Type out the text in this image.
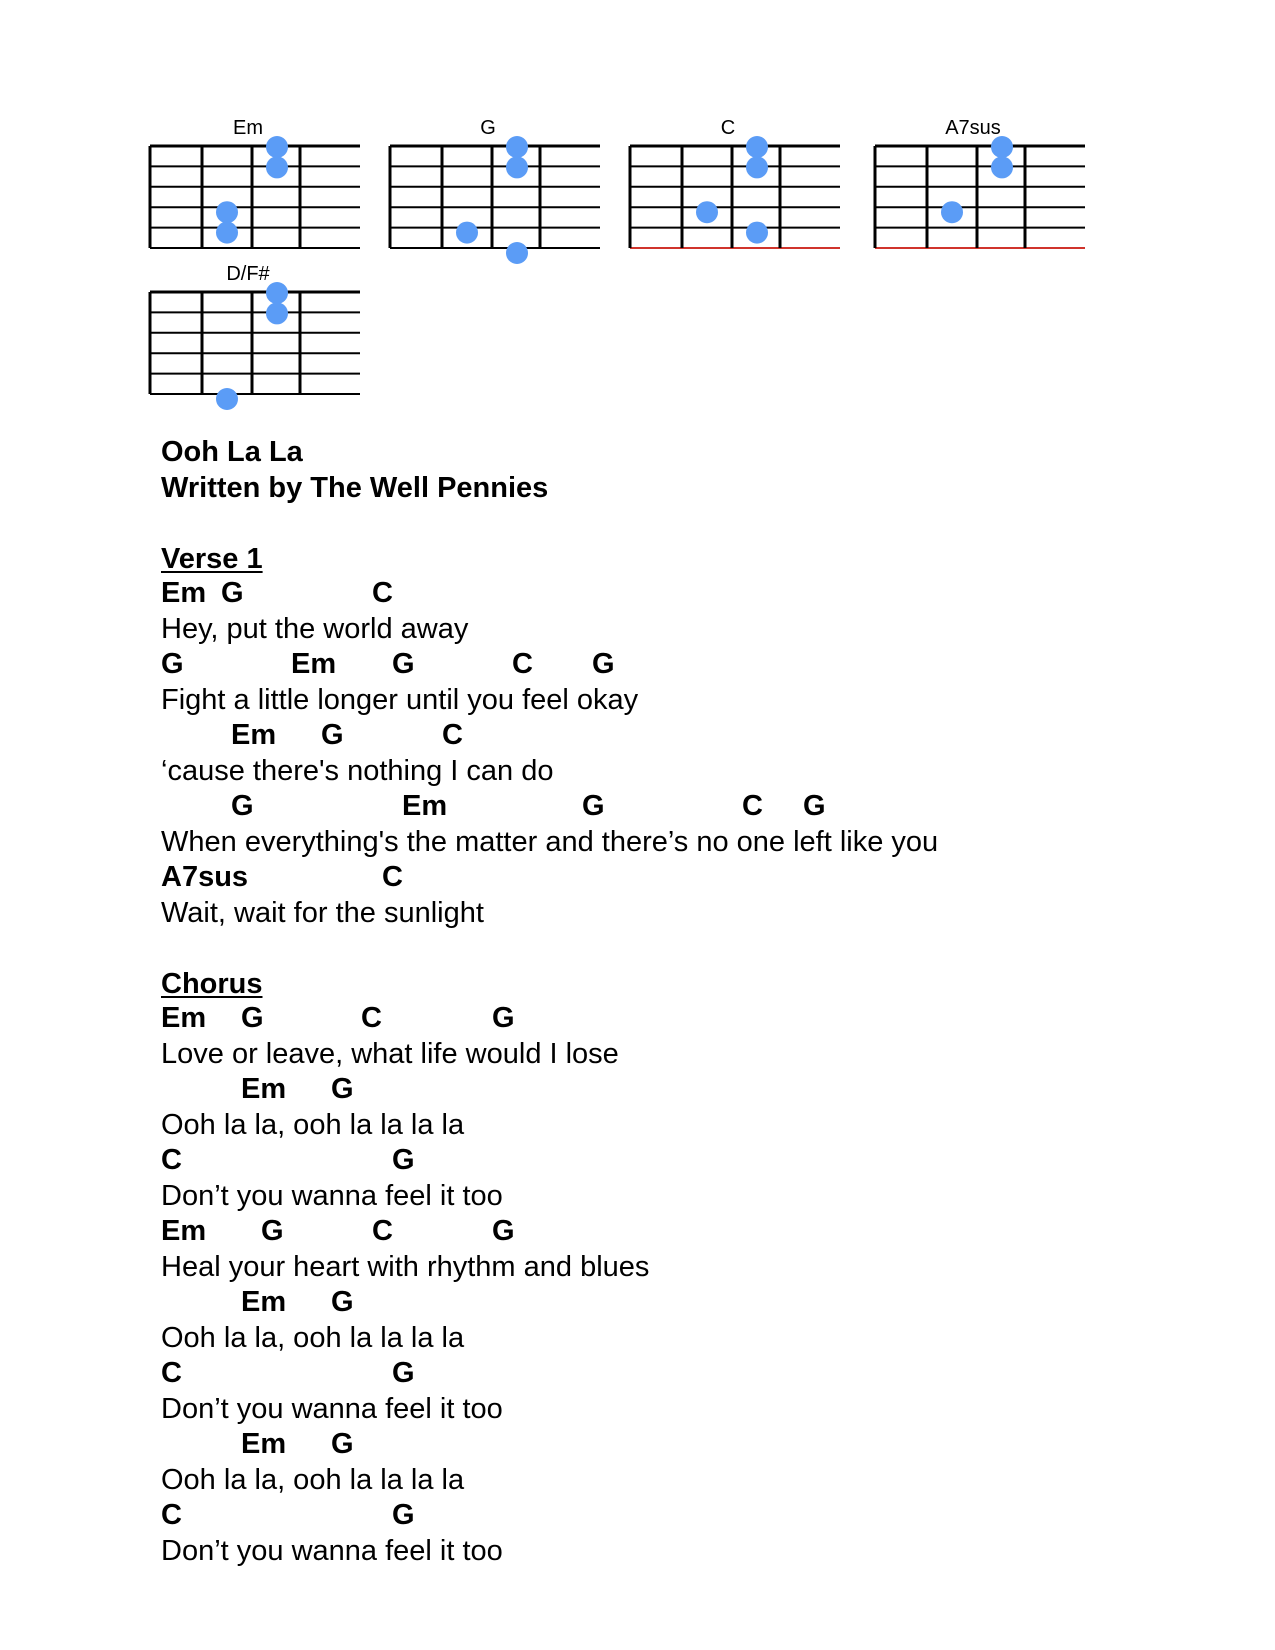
Em	G	C	A7sus
D/F#
Ooh La La
Written by The Well Pennies
Verse 1
Em G	C
Hey, put the world away
G	Em G	C G
Fight a little longer until you feel okay
Em G	C
‘cause there's nothing I can do
G	Em	G	C G
When everything's the matter and there’s no one left like you
A7sus	C
Wait, wait for the sunlight
Chorus
Em G	C	G
Love or leave, what life would I lose
Em G
Ooh la la, ooh la la la la
C	G
Don’t you wanna feel it too
Em G	C	G
Heal your heart with rhythm and blues
Em G
Ooh la la, ooh la la la la
C	G
Don’t you wanna feel it too
Em G
Ooh la la, ooh la la la la
C	G
Don’t you wanna feel it too
